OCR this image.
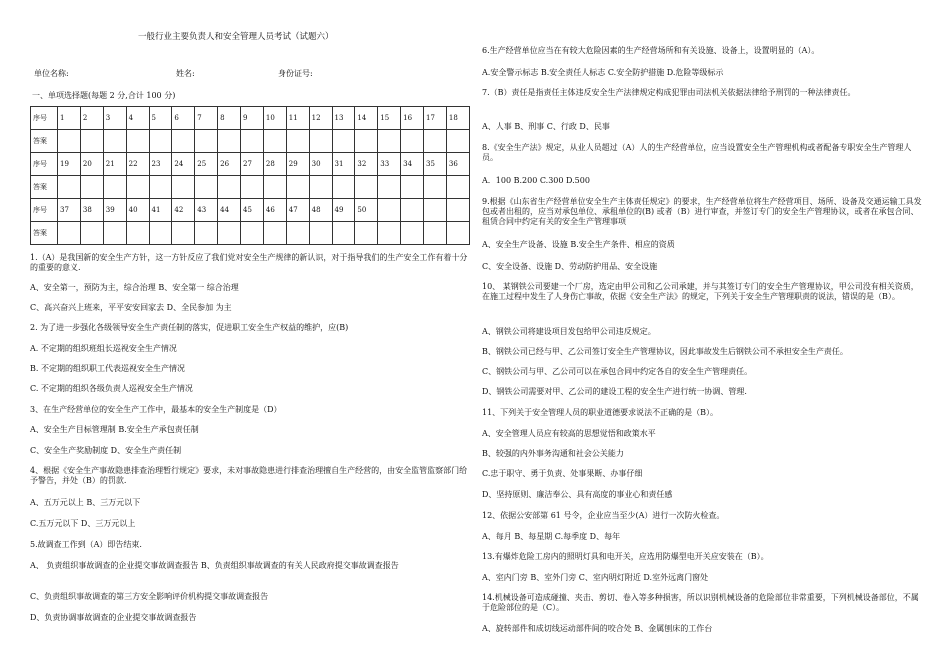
一般行业主要负责人和安全管理人员考试（试题六）
单位名称:	姓名:	身份证号:
一、单项选择题(每题 2 分,合计 100 分)
序号	1	2	3	4	5	6	7	8	9	10	11	12	13	14	15	16	17	18
答案																		
序号	19	20	21	22	23	24	25	26	27	28	29	30	31	32	33	34	35	36
答案																		
序号	37	38	39	40	41	42	43	44	45	46	47	48	49	50				
答案																		
1.（A）是我国新的安全生产方针，这一方针反应了我们党对安全生产规律的新认识，对于指导我们的生产安全工作有着十分的重要的意义.
A、安全第一，预防为主，综合治理 B、安全第一 综合治理
C、高兴奋兴上班来，平平安安回家去 D、全民参加 为主
2. 为了进一步强化各级领导安全生产责任制的落实，促进职工安全生产权益的维护，应(B)
A. 不定期的组织班组长巡视安全生产情况
B. 不定期的组织职工代表巡视安全生产情况
C. 不定期的组织各级负责人巡视安全生产情况
3、在生产经营单位的安全生产工作中，最基本的安全生产制度是（D）
A、安全生产目标管理制 B.安全生产承包责任制
C、安全生产奖励制度 D、安全生产责任制
4、根据《安全生产事故隐患排查治理暂行规定》要求，未对事故隐患进行排查治理擅自生产经营的，由安全监管监察部门给予警告，并处（B）的罚款.
A、五万元以上 B、三万元以下
C.五万元以下 D、三万元以上
5.故调查工作到（A）即告结束.
A、 负责组织事故调查的企业提交事故调查报告 B、负责组织事故调查的有关人民政府提交事故调查报告
C、负责组织事故调查的第三方安全影响评价机构提交事故调查报告
D、负责协调事故调查的企业提交事故调查报告
6.生产经营单位应当在有较大危险因素的生产经营场所和有关设施、设备上，设置明显的（A）。
A.安全警示标志 B.安全责任人标志 C.安全防护措施 D.危险等级标示
7.（B）责任是指责任主体违反安全生产法律规定构成犯罪由司法机关依据法律给予刑罚的一种法律责任。
A、人事 B、刑事 C、行政 D、民事
8.《安全生产法》规定，从业人员超过（A）人的生产经营单位，应当设置安全生产管理机构或者配备专职安全生产管理人员。
A．100 B.200 C.300 D.500
9.根据《山东省生产经营单位安全生产主体责任规定》的要求，生产经营单位将生产经营项目、场所、设备及交通运输工具发包或者出租的，应当对承包单位、承租单位的(B) 或者（B）进行审查，并签订专门的安全生产管理协议，或者在承包合同、租赁合同中约定有关的安全生产管理事项
A、安全生产设备、设施 B.安全生产条件、相应的资质
C、安全设备、设施 D、劳动防护用品、安全设施
10、 某钢铁公司要建一个厂房，选定由甲公司和乙公司承建，并与其签订专门的安全生产管理协议，甲公司没有相关资质，在施工过程中发生了人身伤亡事故，依据《安全生产法》的规定，下列关于安全生产管理职责的说法，错误的是（B）。
A、钢铁公司将建设项目发包给甲公司违反规定。
B、钢铁公司已经与甲、乙公司签订安全生产管理协议，因此事故发生后钢铁公司不承担安全生产责任。
C、钢铁公司与甲、乙公司可以在承包合同中约定各自的安全生产管理责任。
D、钢铁公司需要对甲、乙公司的建设工程的安全生产进行统一协调、管理.
11、下列关于安全管理人员的职业道德要求说法不正确的是（B）。
A、安全管理人员应有较高的思想觉悟和政策水平
B、较强的内外事务沟通和社会公关能力
C.忠于职守、勇于负责、处事果断、办事仔细
D、坚持原则、廉洁奉公、具有高度的事业心和责任感
12、依据公安部第 61 号令，企业应当至少(A）进行一次防火检查。
A、每月 B、每星期 C.每季度 D、每年
13.有爆炸危险工房内的照明灯具和电开关，应选用防爆型电开关应安装在（B）。
A、室内门旁 B、室外门旁 C、室内明灯附近 D.室外远离门窗处
14.机械设备可造成碰撞、夹击、剪切、卷入等多种损害，所以识别机械设备的危险部位非常重要，下列机械设备部位，不属于危险部位的是（C）。
A、旋转部件和成切线运动部件间的咬合处 B、金属刨床的工作台
